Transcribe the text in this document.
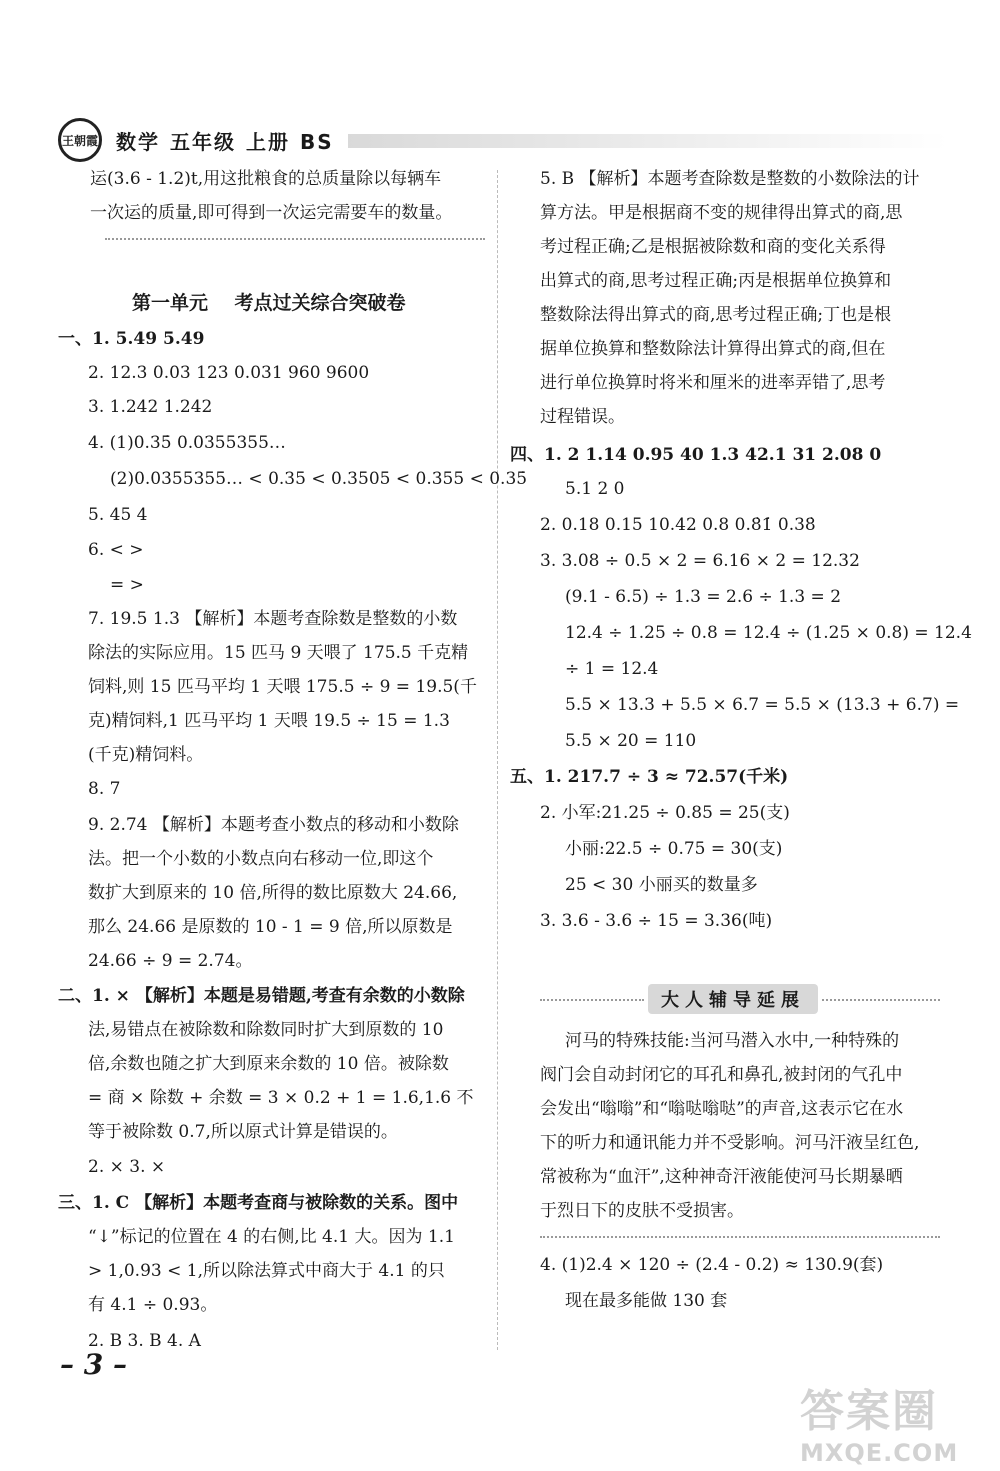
王朝霞 数学 五年级 上册 BS
运(3.6 - 1.2)t,用这批粮食的总质量除以每辆车
一次运的质量,即可得到一次运完需要车的数量。
第一单元    考点过关综合突破卷
一、1. 5.49 5.49
2. 12.3 0.03 123 0.031 960 9600
3. 1.242 1.242
4. (1)0.35̇ 0.0355355…
(2)0.0355355… < 0.35 < 0.3505 < 0.355 < 0.35̇
5. 45 4
6. < >
= >
7. 19.5 1.3 【解析】本题考查除数是整数的小数
除法的实际应用。15 匹马 9 天喂了 175.5 千克精
饲料,则 15 匹马平均 1 天喂 175.5 ÷ 9 = 19.5(千
克)精饲料,1 匹马平均 1 天喂 19.5 ÷ 15 = 1.3
(千克)精饲料。
8. 7
9. 2.74 【解析】本题考查小数点的移动和小数除
法。把一个小数的小数点向右移动一位,即这个
数扩大到原来的 10 倍,所得的数比原数大 24.66,
那么 24.66 是原数的 10 - 1 = 9 倍,所以原数是
24.66 ÷ 9 = 2.74。
二、1. × 【解析】本题是易错题,考查有余数的小数除
法,易错点在被除数和除数同时扩大到原数的 10
倍,余数也随之扩大到原来余数的 10 倍。被除数
= 商 × 除数 + 余数 = 3 × 0.2 + 1 = 1.6,1.6 不
等于被除数 0.7,所以原式计算是错误的。
2. × 3. ×
三、1. C 【解析】本题考查商与被除数的关系。图中
“↓”标记的位置在 4 的右侧,比 4.1 大。因为 1.1
> 1,0.93 < 1,所以除法算式中商大于 4.1 的只
有 4.1 ÷ 0.93。
2. B 3. B 4. A
– 3 –
5. B 【解析】本题考查除数是整数的小数除法的计
算方法。甲是根据商不变的规律得出算式的商,思
考过程正确;乙是根据被除数和商的变化关系得
出算式的商,思考过程正确;丙是根据单位换算和
整数除法得出算式的商,思考过程正确;丁也是根
据单位换算和整数除法计算得出算式的商,但在
进行单位换算时将米和厘米的进率弄错了,思考
过程错误。
四、1. 2 1.14 0.95 40 1.3 42.1 31 2.08 0
5.1 2 0
2. 0.18 0.15 10.42 0.8 0.8̇1̇ 0.38̇
3. 3.08 ÷ 0.5 × 2 = 6.16 × 2 = 12.32
(9.1 - 6.5) ÷ 1.3 = 2.6 ÷ 1.3 = 2
12.4 ÷ 1.25 ÷ 0.8 = 12.4 ÷ (1.25 × 0.8) = 12.4
÷ 1 = 12.4
5.5 × 13.3 + 5.5 × 6.7 = 5.5 × (13.3 + 6.7) =
5.5 × 20 = 110
五、1. 217.7 ÷ 3 ≈ 72.57(千米)
2. 小军:21.25 ÷ 0.85 = 25(支)
小丽:22.5 ÷ 0.75 = 30(支)
25 < 30 小丽买的数量多
3. 3.6 - 3.6 ÷ 15 = 3.36(吨)
大人辅导延展
河马的特殊技能:当河马潜入水中,一种特殊的
阀门会自动封闭它的耳孔和鼻孔,被封闭的气孔中
会发出“嗡嗡”和“嗡哒嗡哒”的声音,这表示它在水
下的听力和通讯能力并不受影响。河马汗液呈红色,
常被称为“血汗”,这种神奇汗液能使河马长期暴晒
于烈日下的皮肤不受损害。
4. (1)2.4 × 120 ÷ (2.4 - 0.2) ≈ 130.9(套)
现在最多能做 130 套
答案圈
MXQE.COM
